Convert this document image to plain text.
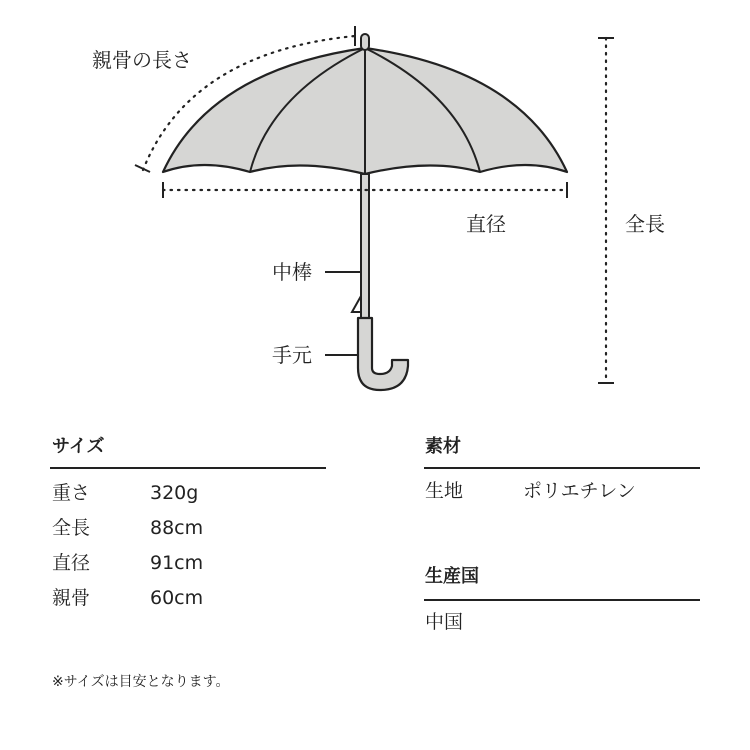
親骨の長さ
直径	全長
中棒
手元
サイズ
重さ	320g
全長	88cm
直径	91cm
親骨	60cm
素材
生地	ポリエチレン
生産国
中国
※サイズは目安となります。
